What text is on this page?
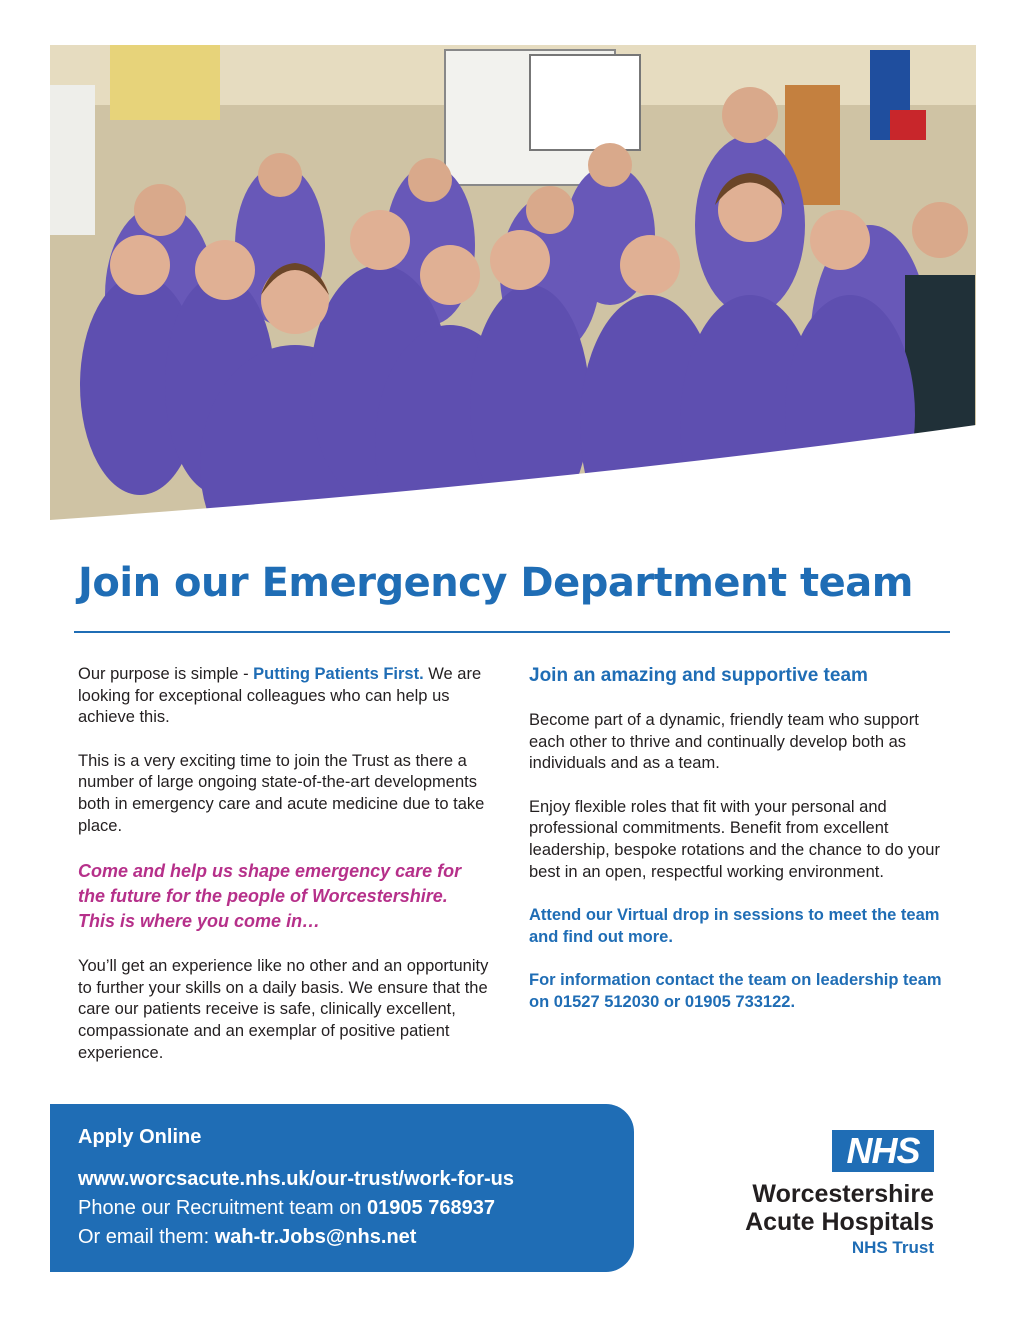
Join our Emergency Department team

Our purpose is simple - Putting Patients First. We are looking for exceptional colleagues who can help us achieve this.

This is a very exciting time to join the Trust as there a number of large ongoing state-of-the-art developments both in emergency care and acute medicine due to take place.

Come and help us shape emergency care for the future for the people of Worcestershire. This is where you come in…

You’ll get an experience like no other and an opportunity to further your skills on a daily basis. We ensure that the care our patients receive is safe, clinically excellent, compassionate and an exemplar of positive patient experience.

Join an amazing and supportive team

Become part of a dynamic, friendly team who support each other to thrive and continually develop both as individuals and as a team.

Enjoy flexible roles that fit with your personal and professional commitments. Benefit from excellent leadership, bespoke rotations and the chance to do your best in an open, respectful working environment.

Attend our Virtual drop in sessions to meet the team and find out more.

For information contact the team on leadership team on 01527 512030 or 01905 733122.

Apply Online
www.worcsacute.nhs.uk/our-trust/work-for-us
Phone our Recruitment team on 01905 768937
Or email them: wah-tr.Jobs@nhs.net
NHS
Worcestershire
Acute Hospitals
NHS Trust
